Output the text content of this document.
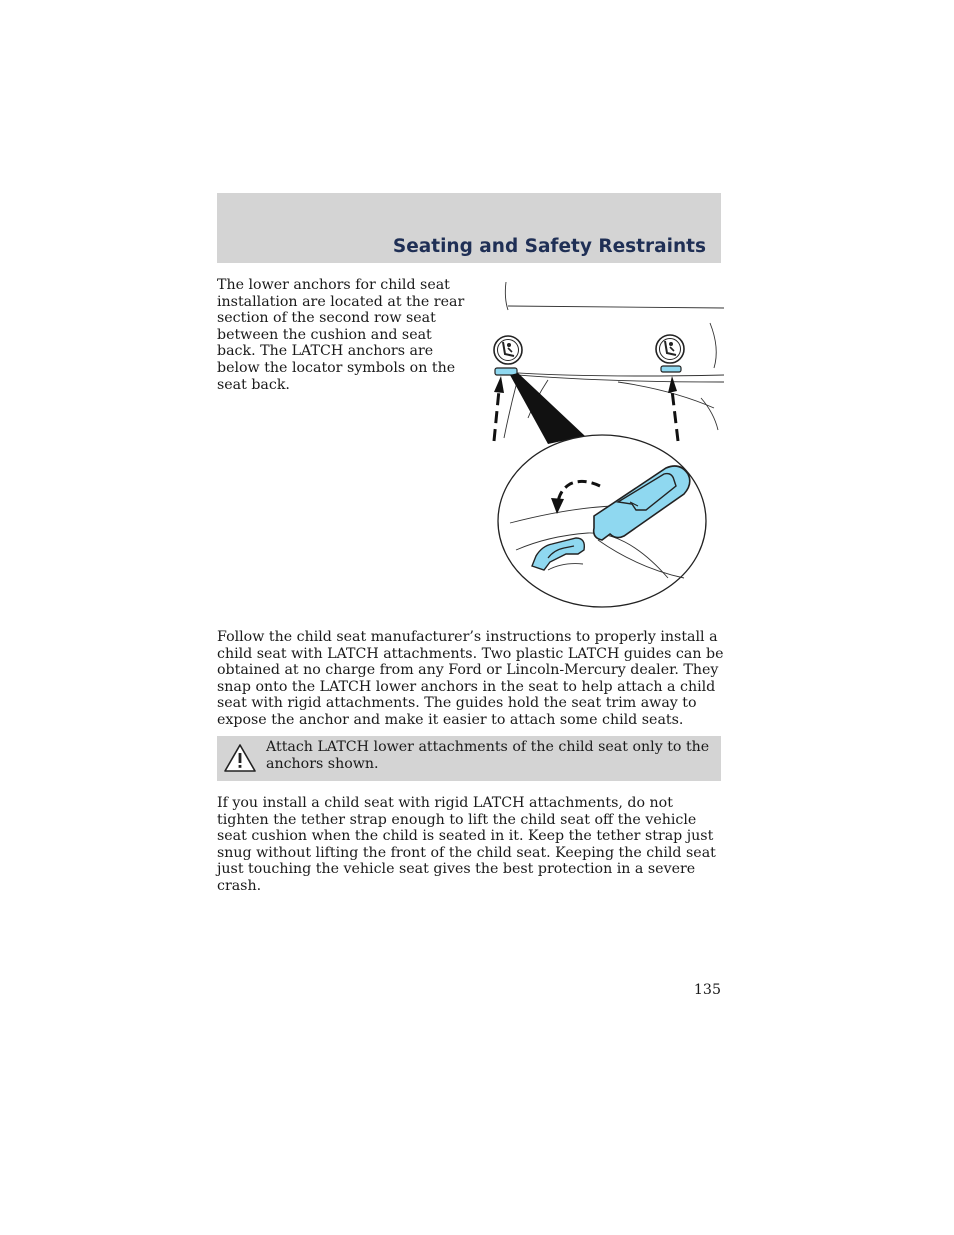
Seating and Safety Restraints

The lower anchors for child seat installation are located at the rear section of the second row seat between the cushion and seat back. The LATCH anchors are below the locator symbols on the seat back.

Follow the child seat manufacturer’s instructions to properly install a child seat with LATCH attachments. Two plastic LATCH guides can be obtained at no charge from any Ford or Lincoln-Mercury dealer. They snap onto the LATCH lower anchors in the seat to help attach a child seat with rigid attachments. The guides hold the seat trim away to expose the anchor and make it easier to attach some child seats.

Attach LATCH lower attachments of the child seat only to the anchors shown.

If you install a child seat with rigid LATCH attachments, do not tighten the tether strap enough to lift the child seat off the vehicle seat cushion when the child is seated in it. Keep the tether strap just snug without lifting the front of the child seat. Keeping the child seat just touching the vehicle seat gives the best protection in a severe crash.

135
